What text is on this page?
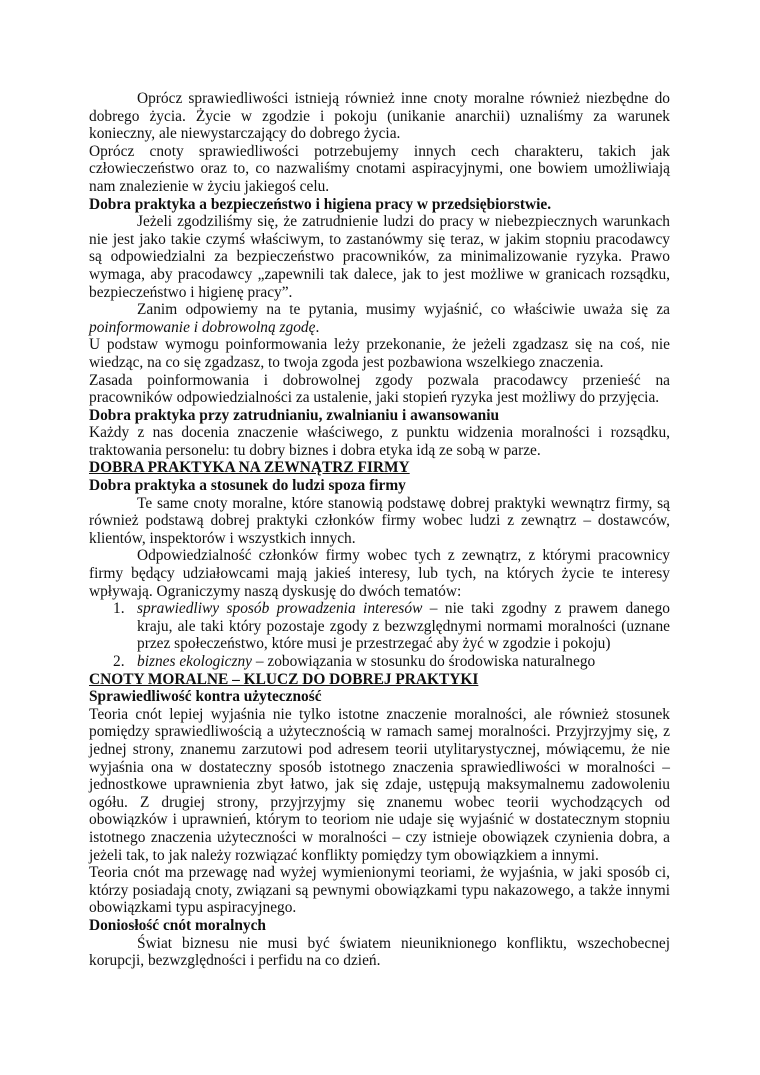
Oprócz sprawiedliwości istnieją również inne cnoty moralne również niezbędne do dobrego życia. Życie w zgodzie i pokoju (unikanie anarchii) uznaliśmy za warunek konieczny, ale niewystarczający do dobrego życia.

Oprócz cnoty sprawiedliwości potrzebujemy innych cech charakteru, takich jak człowieczeństwo oraz to, co nazwaliśmy cnotami aspiracyjnymi, one bowiem umożliwiają nam znalezienie w życiu jakiegoś celu.

Dobra praktyka a bezpieczeństwo i higiena pracy w przedsiębiorstwie.

Jeżeli zgodziliśmy się, że zatrudnienie ludzi do pracy w niebezpiecznych warunkach nie jest jako takie czymś właściwym, to zastanówmy się teraz, w jakim stopniu pracodawcy są odpowiedzialni za bezpieczeństwo pracowników, za minimalizowanie ryzyka. Prawo wymaga, aby pracodawcy „zapewnili tak dalece, jak to jest możliwe w granicach rozsądku, bezpieczeństwo i higienę pracy”.

Zanim odpowiemy na te pytania, musimy wyjaśnić, co właściwie uważa się za poinformowanie i dobrowolną zgodę.

U podstaw wymogu poinformowania leży przekonanie, że jeżeli zgadzasz się na coś, nie wiedząc, na co się zgadzasz, to twoja zgoda jest pozbawiona wszelkiego znaczenia.

Zasada poinformowania i dobrowolnej zgody pozwala pracodawcy przenieść na pracowników odpowiedzialności za ustalenie, jaki stopień ryzyka jest możliwy do przyjęcia.

Dobra praktyka przy zatrudnianiu, zwalnianiu i awansowaniu

Każdy z nas docenia znaczenie właściwego, z punktu widzenia moralności i rozsądku, traktowania personelu: tu dobry biznes i dobra etyka idą ze sobą w parze.

DOBRA PRAKTYKA NA ZEWNĄTRZ FIRMY

Dobra praktyka a stosunek do ludzi spoza firmy

Te same cnoty moralne, które stanowią podstawę dobrej praktyki wewnątrz firmy, są również podstawą dobrej praktyki członków firmy wobec ludzi z zewnątrz – dostawców, klientów, inspektorów i wszystkich innych.

Odpowiedzialność członków firmy wobec tych z zewnątrz, z którymi pracownicy firmy będący udziałowcami mają jakieś interesy, lub tych, na których życie te interesy wpływają. Ograniczymy naszą dyskusję do dwóch tematów:

1. sprawiedliwy sposób prowadzenia interesów – nie taki zgodny z prawem danego kraju, ale taki który pozostaje zgody z bezwzględnymi normami moralności (uznane przez społeczeństwo, które musi je przestrzegać aby żyć w zgodzie i pokoju)
2. biznes ekologiczny – zobowiązania w stosunku do środowiska naturalnego

CNOTY MORALNE – KLUCZ DO DOBREJ PRAKTYKI

Sprawiedliwość kontra użyteczność

Teoria cnót lepiej wyjaśnia nie tylko istotne znaczenie moralności, ale również stosunek pomiędzy sprawiedliwością a użytecznością w ramach samej moralności. Przyjrzyjmy się, z jednej strony, znanemu zarzutowi pod adresem teorii utylitarystycznej, mówiącemu, że nie wyjaśnia ona w dostateczny sposób istotnego znaczenia sprawiedliwości w moralności – jednostkowe uprawnienia zbyt łatwo, jak się zdaje, ustępują maksymalnemu zadowoleniu ogółu. Z drugiej strony, przyjrzyjmy się znanemu wobec teorii wychodzących od obowiązków i uprawnień, którym to teoriom nie udaje się wyjaśnić w dostatecznym stopniu istotnego znaczenia użyteczności w moralności – czy istnieje obowiązek czynienia dobra, a jeżeli tak, to jak należy rozwiązać konflikty pomiędzy tym obowiązkiem a innymi.

Teoria cnót ma przewagę nad wyżej wymienionymi teoriami, że wyjaśnia, w jaki sposób ci, którzy posiadają cnoty, związani są pewnymi obowiązkami typu nakazowego, a także innymi obowiązkami typu aspiracyjnego.

Doniosłość cnót moralnych

Świat biznesu nie musi być światem nieuniknionego konfliktu, wszechobecnej korupcji, bezwzględności i perfidu na co dzień.
